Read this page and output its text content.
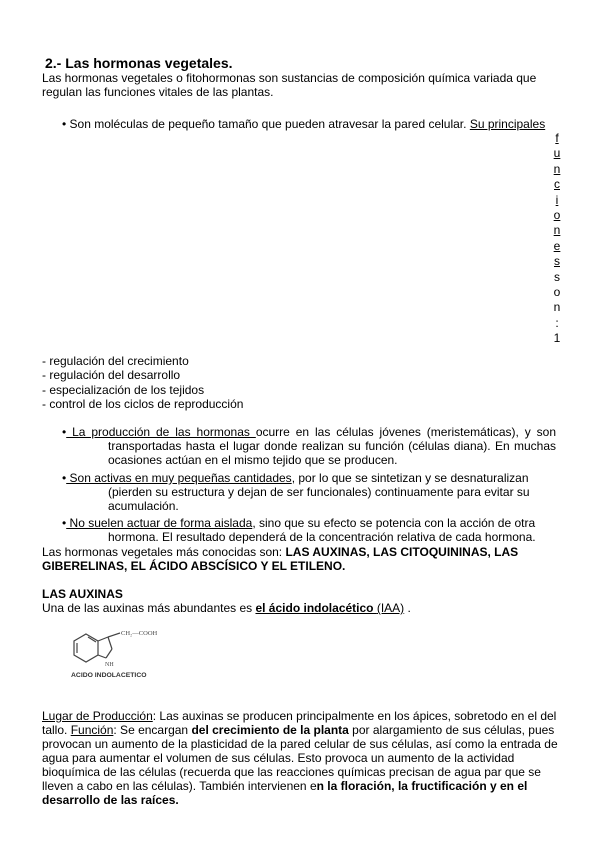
2.- Las hormonas vegetales.
Las hormonas vegetales o fitohormonas son sustancias de composición química variada que regulan las funciones vitales de las plantas.
• Son moléculas de pequeño tamaño que pueden atravesar la pared celular. Su principales
f
u
n
c
i
o
n
e
s
s
o
n
:
1
- regulación del crecimiento
- regulación del desarrollo
- especialización de los tejidos
- control de los ciclos de reproducción
• La producción de las hormonas ocurre en las células jóvenes (meristemáticas), y son transportadas hasta el lugar donde realizan su función (células diana). En muchas ocasiones actúan en el mismo tejido que se producen.
• Son activas en muy pequeñas cantidades, por lo que se sintetizan y se desnaturalizan (pierden su estructura y dejan de ser funcionales) continuamente para evitar su acumulación.
• No suelen actuar de forma aislada, sino que su efecto se potencia con la acción de otra hormona. El resultado dependerá de la concentración relativa de cada hormona.
Las hormonas vegetales más conocidas son: LAS AUXINAS, LAS CITOQUININAS, LAS GIBERELINAS, EL ÁCIDO ABSCÍSICO Y EL ETILENO.
LAS AUXINAS
Una de las auxinas más abundantes es el ácido indolacético (IAA) .
CH₂—COOH
NH
ACIDO INDOLACETICO
Lugar de Producción: Las auxinas se producen principalmente en los ápices, sobretodo en el del tallo. Función: Se encargan del crecimiento de la planta por alargamiento de sus células, pues provocan un aumento de la plasticidad de la pared celular de sus células, así como la entrada de agua para aumentar el volumen de sus células. Esto provoca un aumento de la actividad bioquímica de las células (recuerda que las reacciones químicas precisan de agua par que se lleven a cabo en las células). También intervienen en la floración, la fructificación y en el desarrollo de las raíces.
